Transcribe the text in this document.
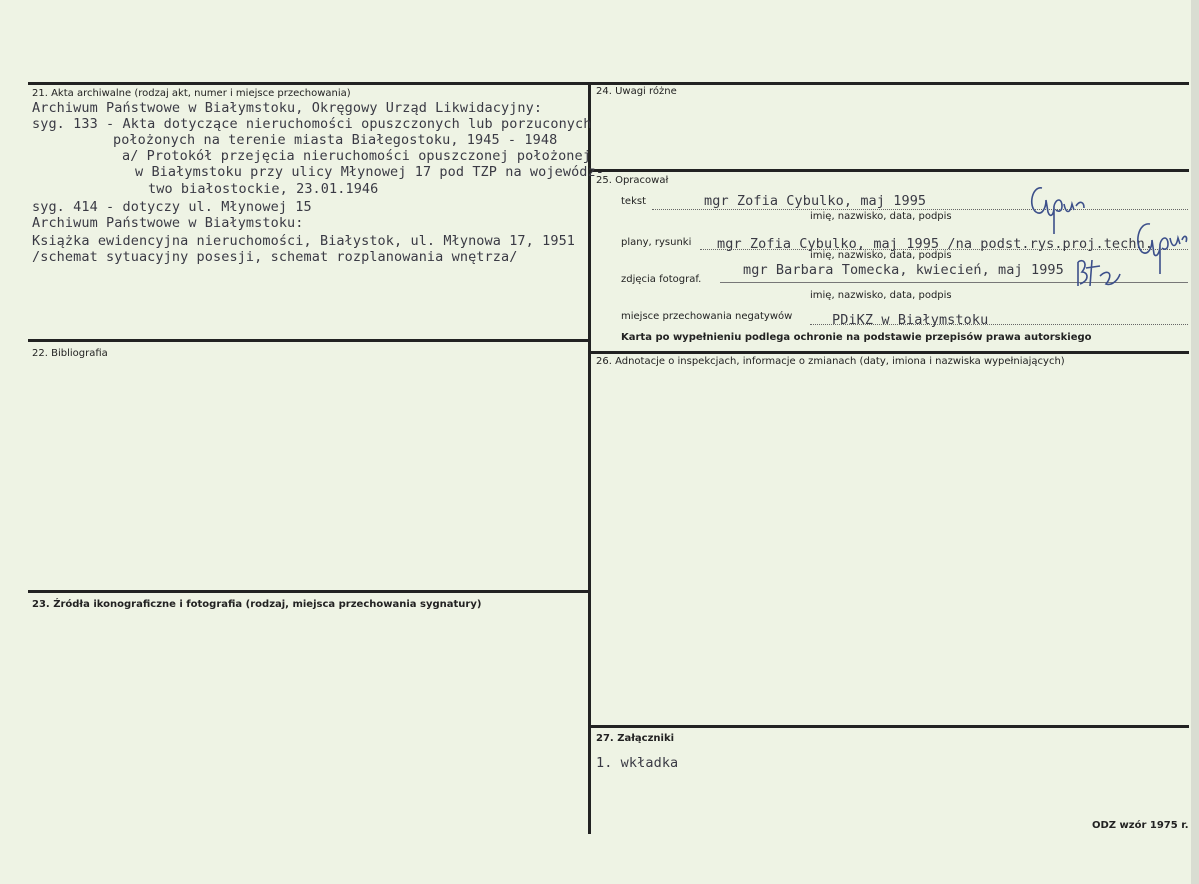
21. Akta archiwalne (rodzaj akt, numer i miejsce przechowania)
Archiwum Państwowe w Białymstoku, Okręgowy Urząd Likwidacyjny:
syg. 133 - Akta dotyczące nieruchomości opuszczonych lub porzuconych
położonych na terenie miasta Białegostoku, 1945 - 1948
a/ Protokół przejęcia nieruchomości opuszczonej położonej
w Białymstoku przy ulicy Młynowej 17 pod TZP na wojewódz-
two białostockie, 23.01.1946
syg. 414 - dotyczy ul. Młynowej 15
Archiwum Państwowe w Białymstoku:
Książka ewidencyjna nieruchomości, Białystok, ul. Młynowa 17, 1951
/schemat sytuacyjny posesji, schemat rozplanowania wnętrza/
22. Bibliografia
23. Źródła ikonograficzne i fotografia (rodzaj, miejsca przechowania sygnatury)
24. Uwagi różne
25. Opracował
tekst	mgr Zofia Cybulko, maj 1995
imię, nazwisko, data, podpis
plany, rysunki mgr Zofia Cybulko, maj 1995 /na podst.rys.proj.techn.
imię, nazwisko, data, podpis
zdjęcia fotograf.
mgr Barbara Tomecka, kwiecień, maj 1995
imię, nazwisko, data, podpis
miejsce przechowania negatywów	PDiKZ w Białymstoku
Karta po wypełnieniu podlega ochronie na podstawie przepisów prawa autorskiego
26. Adnotacje o inspekcjach, informacje o zmianach (daty, imiona i nazwiska wypełniających)
27. Załączniki
1. wkładka
ODZ wzór 1975 r.
